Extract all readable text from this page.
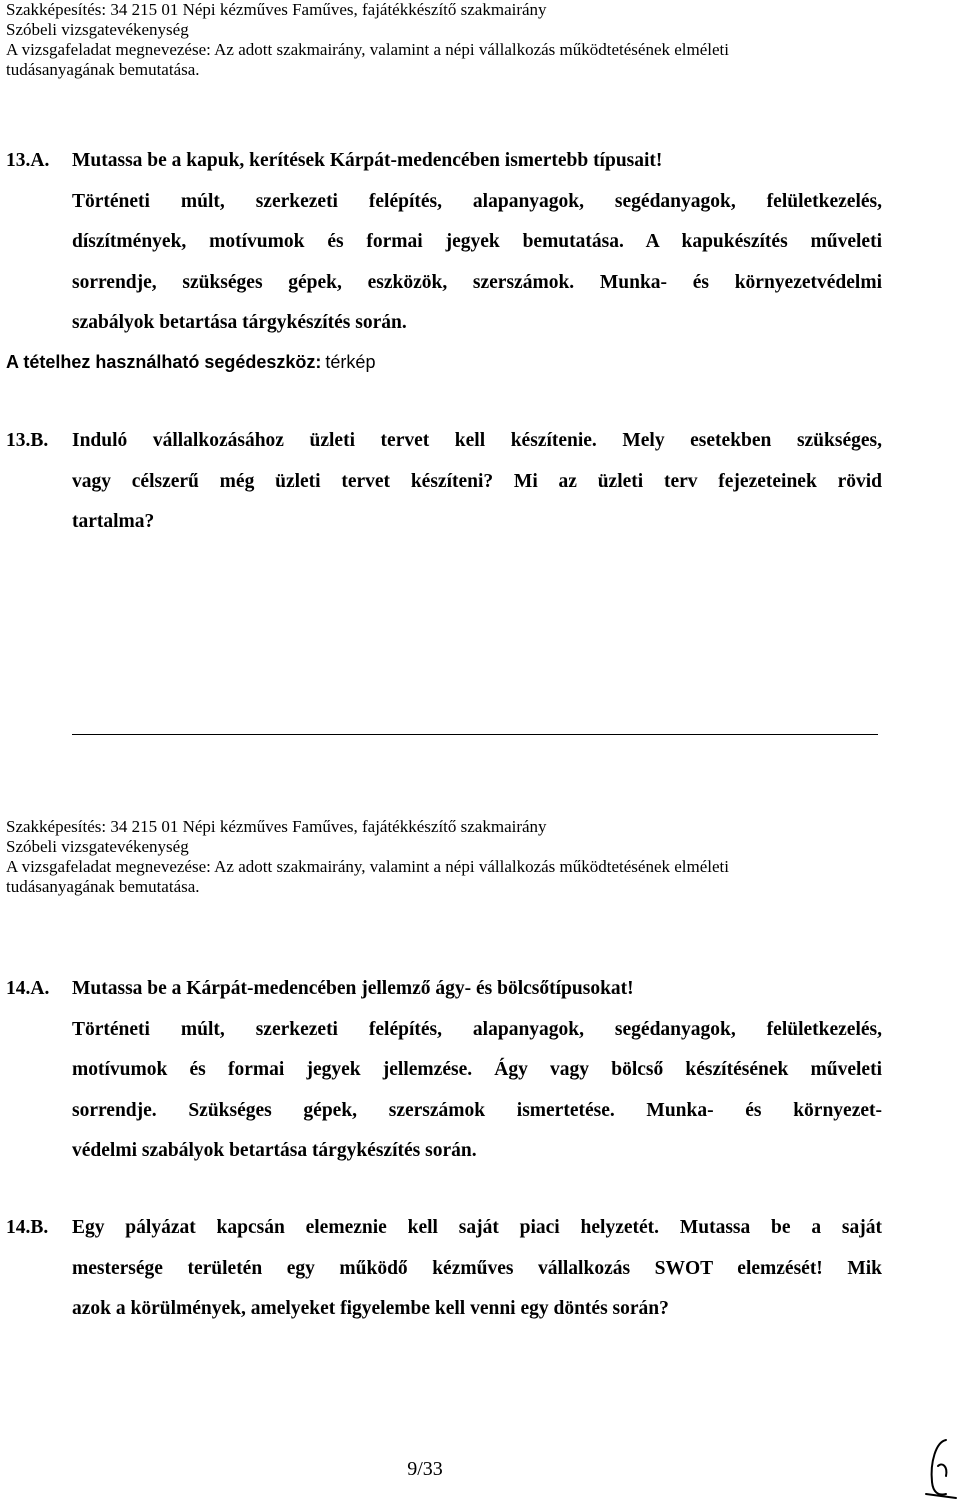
Szakképesítés: 34 215 01 Népi kézműves Faműves, fajátékkészítő szakmairány
Szóbeli vizsgatevékenység
A vizsgafeladat megnevezése: Az adott szakmairány, valamint a népi vállalkozás működtetésének elméleti
tudásanyagának bemutatása.
13.A. Mutassa be a kapuk, kerítések Kárpát-medencében ismertebb típusait!
Történeti múlt, szerkezeti felépítés, alapanyagok, segédanyagok, felületkezelés,
díszítmények, motívumok és formai jegyek bemutatása. A kapukészítés műveleti
sorrendje, szükséges gépek, eszközök, szerszámok. Munka- és környezetvédelmi
szabályok betartása tárgykészítés során.
A tételhez használható segédeszköz: térkép
13.B. Induló vállalkozásához üzleti tervet kell készítenie. Mely esetekben szükséges,
vagy célszerű még üzleti tervet készíteni? Mi az üzleti terv fejezeteinek rövid
tartalma?
Szakképesítés: 34 215 01 Népi kézműves Faműves, fajátékkészítő szakmairány
Szóbeli vizsgatevékenység
A vizsgafeladat megnevezése: Az adott szakmairány, valamint a népi vállalkozás működtetésének elméleti
tudásanyagának bemutatása.
14.A. Mutassa be a Kárpát-medencében jellemző ágy- és bölcsőtípusokat!
Történeti múlt, szerkezeti felépítés, alapanyagok, segédanyagok, felületkezelés,
motívumok és formai jegyek jellemzése. Ágy vagy bölcső készítésének műveleti
sorrendje. Szükséges gépek, szerszámok ismertetése. Munka- és környezet-
védelmi szabályok betartása tárgykészítés során.
14.B. Egy pályázat kapcsán elemeznie kell saját piaci helyzetét. Mutassa be a saját
mestersége területén egy működő kézműves vállalkozás SWOT elemzését! Mik
azok a körülmények, amelyeket figyelembe kell venni egy döntés során?
9/33
